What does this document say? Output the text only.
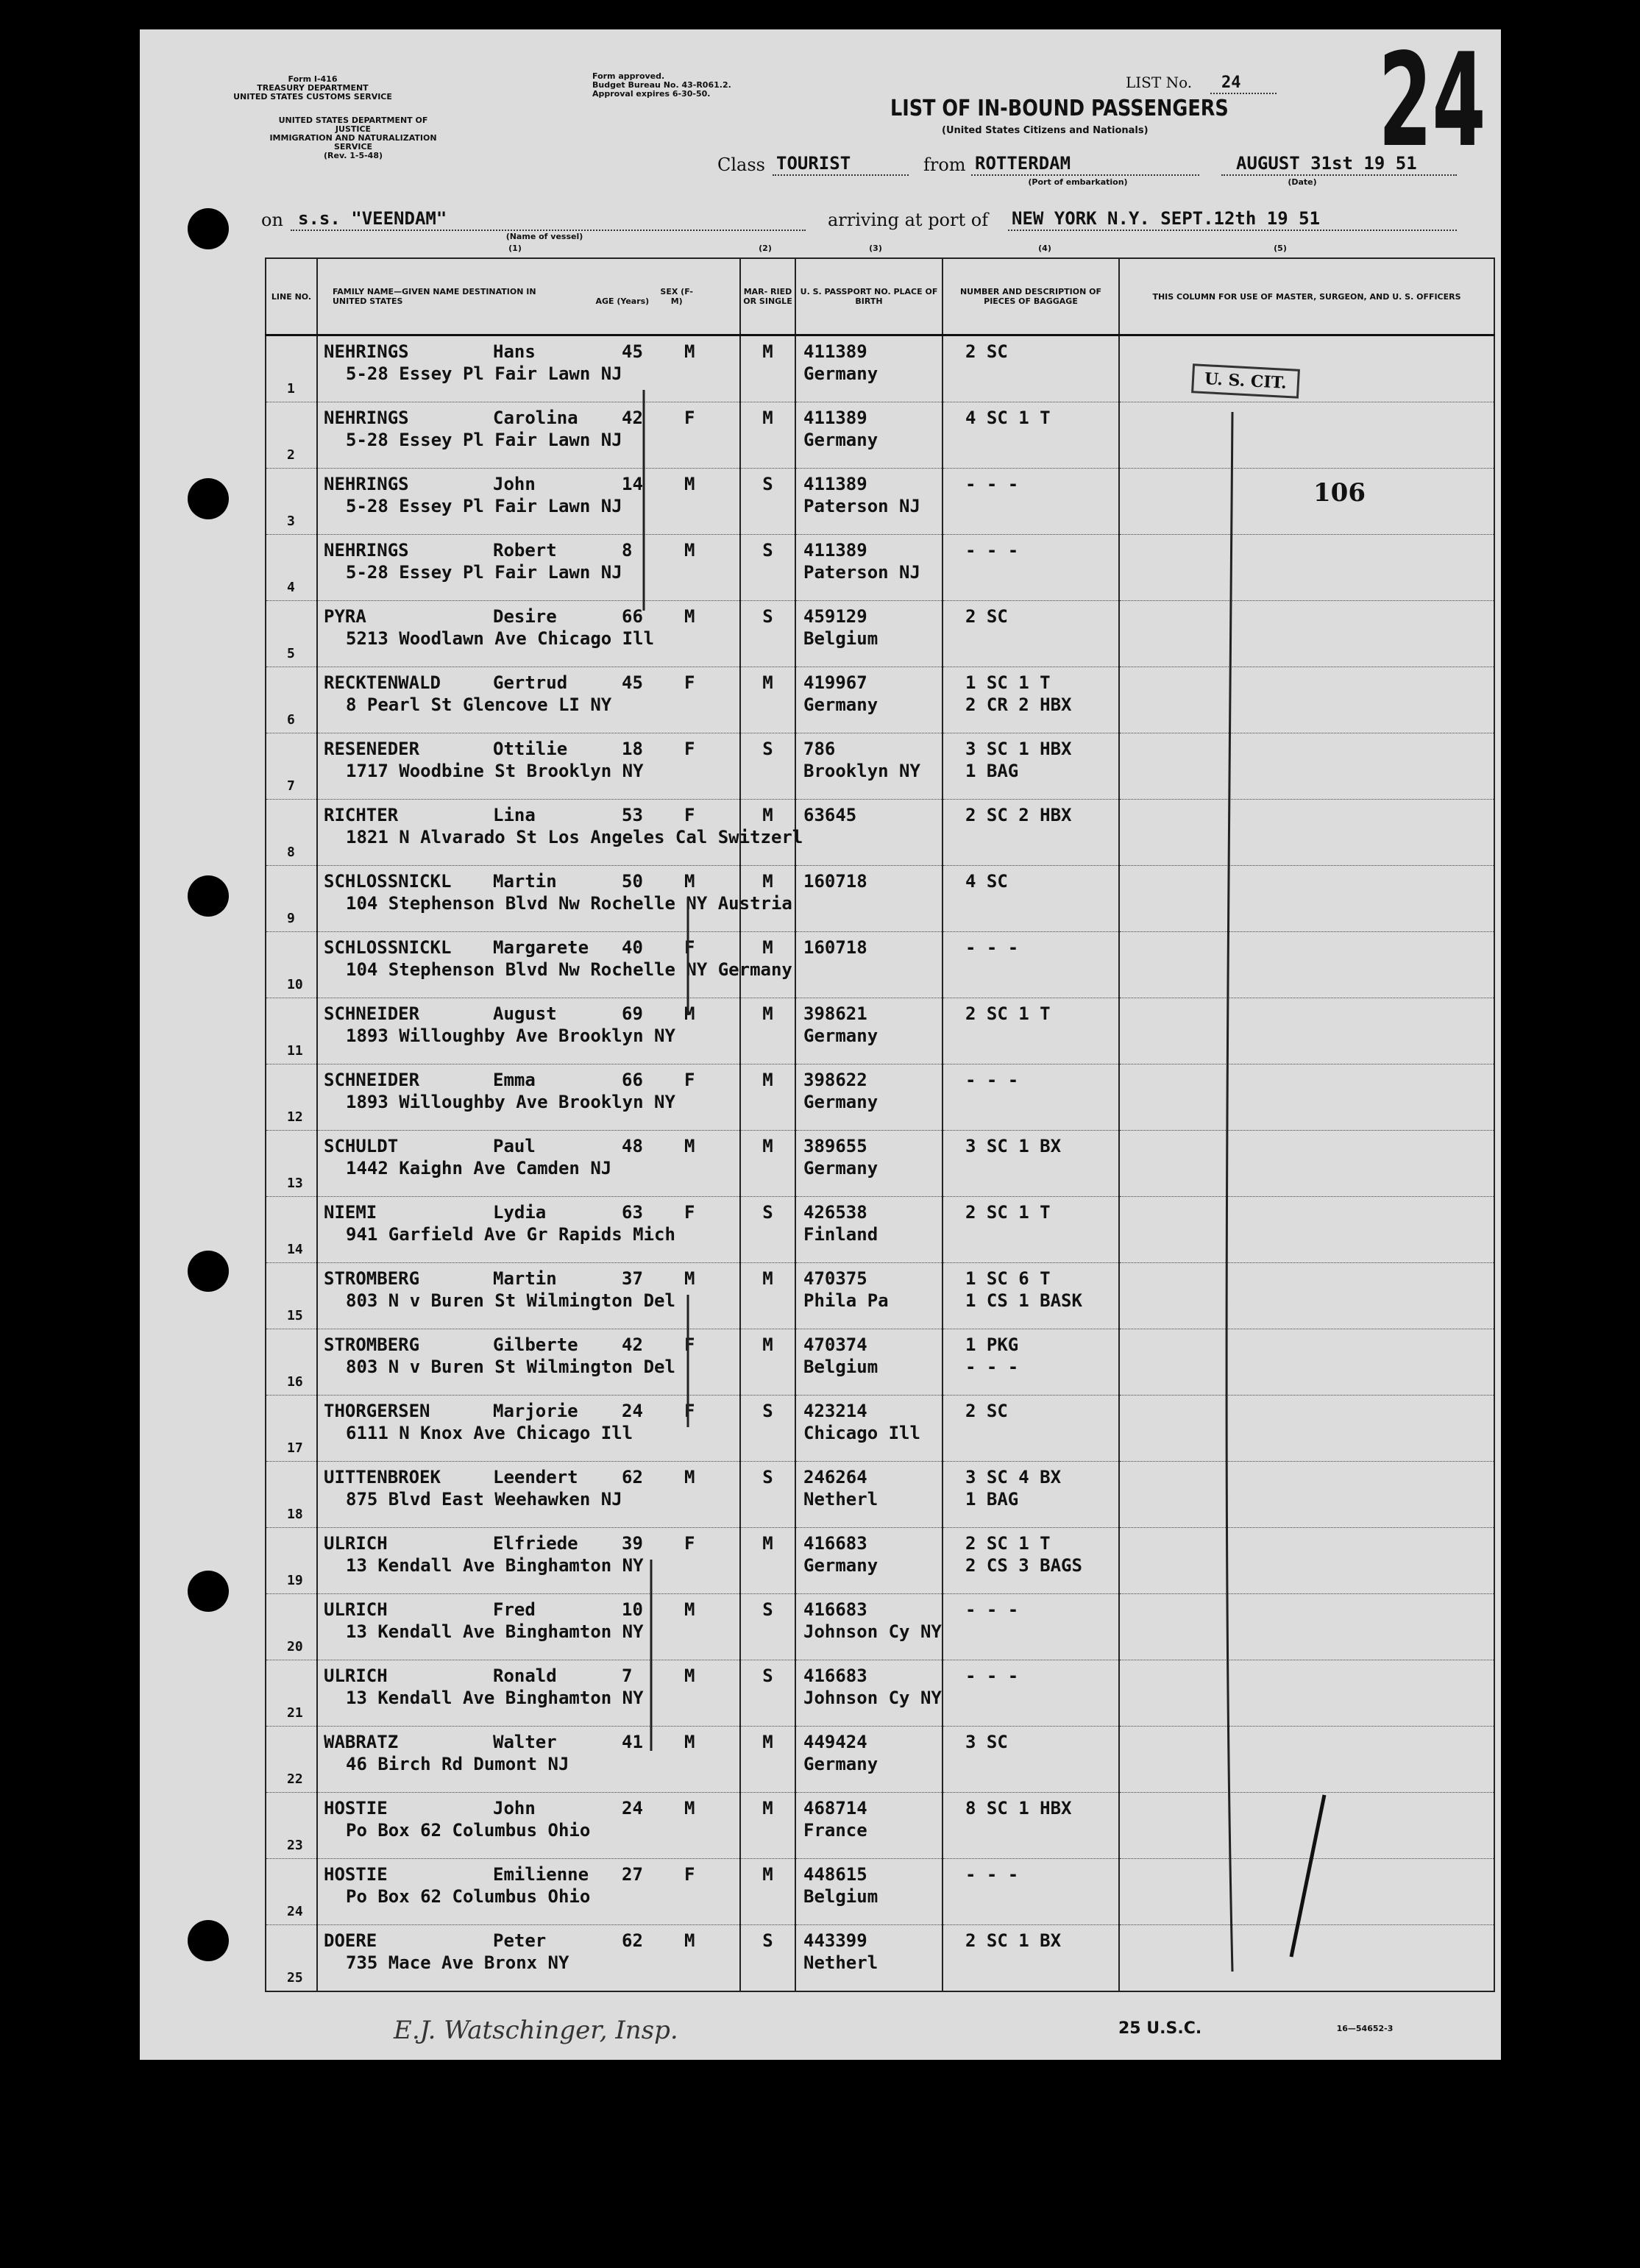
Form I-416
TREASURY DEPARTMENT
UNITED STATES CUSTOMS SERVICE
UNITED STATES DEPARTMENT OF JUSTICE
IMMIGRATION AND NATURALIZATION SERVICE
(Rev. 1-5-48)
Form approved.
Budget Bureau No. 43-R061.2.
Approval expires 6-30-50.
LIST No. 24 24
LIST OF IN-BOUND PASSENGERS
(United States Citizens and Nationals)
Class TOURIST	from ROTTERDAM
(Port of embarkation)
AUGUST 31st 19 51
(Date)
on s.s. "VEENDAM"
(Name of vessel)
arriving at port of NEW YORK N.Y. SEPT.12th 19 51
(1)	(2)	(3)	(4)	(5)
LINE NO.	FAMILY NAME—GIVEN NAME DESTINATION IN UNITED STATES AGE (Years) SEX (F-M)	MAR- RIED OR SINGLE	U. S. PASSPORT NO. PLACE OF BIRTH	NUMBER AND DESCRIPTION OF PIECES OF BAGGAGE	THIS COLUMN FOR USE OF MASTER, SURGEON, AND U. S. OFFICERS

1	NEHRINGS Hans 45 M
5-28 Essey Pl Fair Lawn NJ	M	411389
Germany	2 SC	

2	NEHRINGS Carolina 42 F
5-28 Essey Pl Fair Lawn NJ	M	411389
Germany	4 SC 1 T	

3	NEHRINGS John 14 M
5-28 Essey Pl Fair Lawn NJ	S	411389
Paterson NJ	- - -	

4	NEHRINGS Robert 8 M
5-28 Essey Pl Fair Lawn NJ	S	411389
Paterson NJ	- - -	

5	PYRA Desire 66 M
5213 Woodlawn Ave Chicago Ill	S	459129
Belgium	2 SC	

6	RECKTENWALD Gertrud 45 F
8 Pearl St Glencove LI NY	M	419967
Germany	1 SC 1 T
2 CR 2 HBX	

7	RESENEDER Ottilie 18 F
1717 Woodbine St Brooklyn NY	S	786
Brooklyn NY	3 SC 1 HBX
1 BAG	

8	RICHTER Lina 53 F
1821 N Alvarado St Los Angeles Cal Switzerl	M	63645	2 SC 2 HBX	

9	SCHLOSSNICKL Martin 50 M
104 Stephenson Blvd Nw Rochelle NY Austria	M	160718	4 SC	

10	SCHLOSSNICKL Margarete 40 F
104 Stephenson Blvd Nw Rochelle NY Germany	M	160718	- - -	

11	SCHNEIDER August 69 M
1893 Willoughby Ave Brooklyn NY	M	398621
Germany	2 SC 1 T	

12	SCHNEIDER Emma 66 F
1893 Willoughby Ave Brooklyn NY	M	398622
Germany	- - -	

13	SCHULDT Paul 48 M
1442 Kaighn Ave Camden NJ	M	389655
Germany	3 SC 1 BX	

14	NIEMI Lydia 63 F
941 Garfield Ave Gr Rapids Mich	S	426538
Finland	2 SC 1 T	

15	STROMBERG Martin 37 M
803 N v Buren St Wilmington Del	M	470375
Phila Pa	1 SC 6 T
1 CS 1 BASK	

16	STROMBERG Gilberte 42 F
803 N v Buren St Wilmington Del	M	470374
Belgium	1 PKG
- - -	

17	THORGERSEN Marjorie 24 F
6111 N Knox Ave Chicago Ill	S	423214
Chicago Ill	2 SC	

18	UITTENBROEK Leendert 62 M
875 Blvd East Weehawken NJ	S	246264
Netherl	3 SC 4 BX
1 BAG	

19	ULRICH Elfriede 39 F
13 Kendall Ave Binghamton NY	M	416683
Germany	2 SC 1 T
2 CS 3 BAGS	

20	ULRICH Fred 10 M
13 Kendall Ave Binghamton NY	S	416683
Johnson Cy NY	- - -	

21	ULRICH Ronald 7 M
13 Kendall Ave Binghamton NY	S	416683
Johnson Cy NY	- - -	

22	WABRATZ Walter 41 M
46 Birch Rd Dumont NJ	M	449424
Germany	3 SC	

23	HOSTIE John 24 M
Po Box 62 Columbus Ohio	M	468714
France	8 SC 1 HBX	

24	HOSTIE Emilienne 27 F
Po Box 62 Columbus Ohio	M	448615
Belgium	- - -	

25	DOERE Peter 62 M
735 Mace Ave Bronx NY	S	443399
Netherl	2 SC 1 BX	

U. S. CIT.
106
25 U.S.C.	16—54652-3
E.J. Watschinger, Insp.
